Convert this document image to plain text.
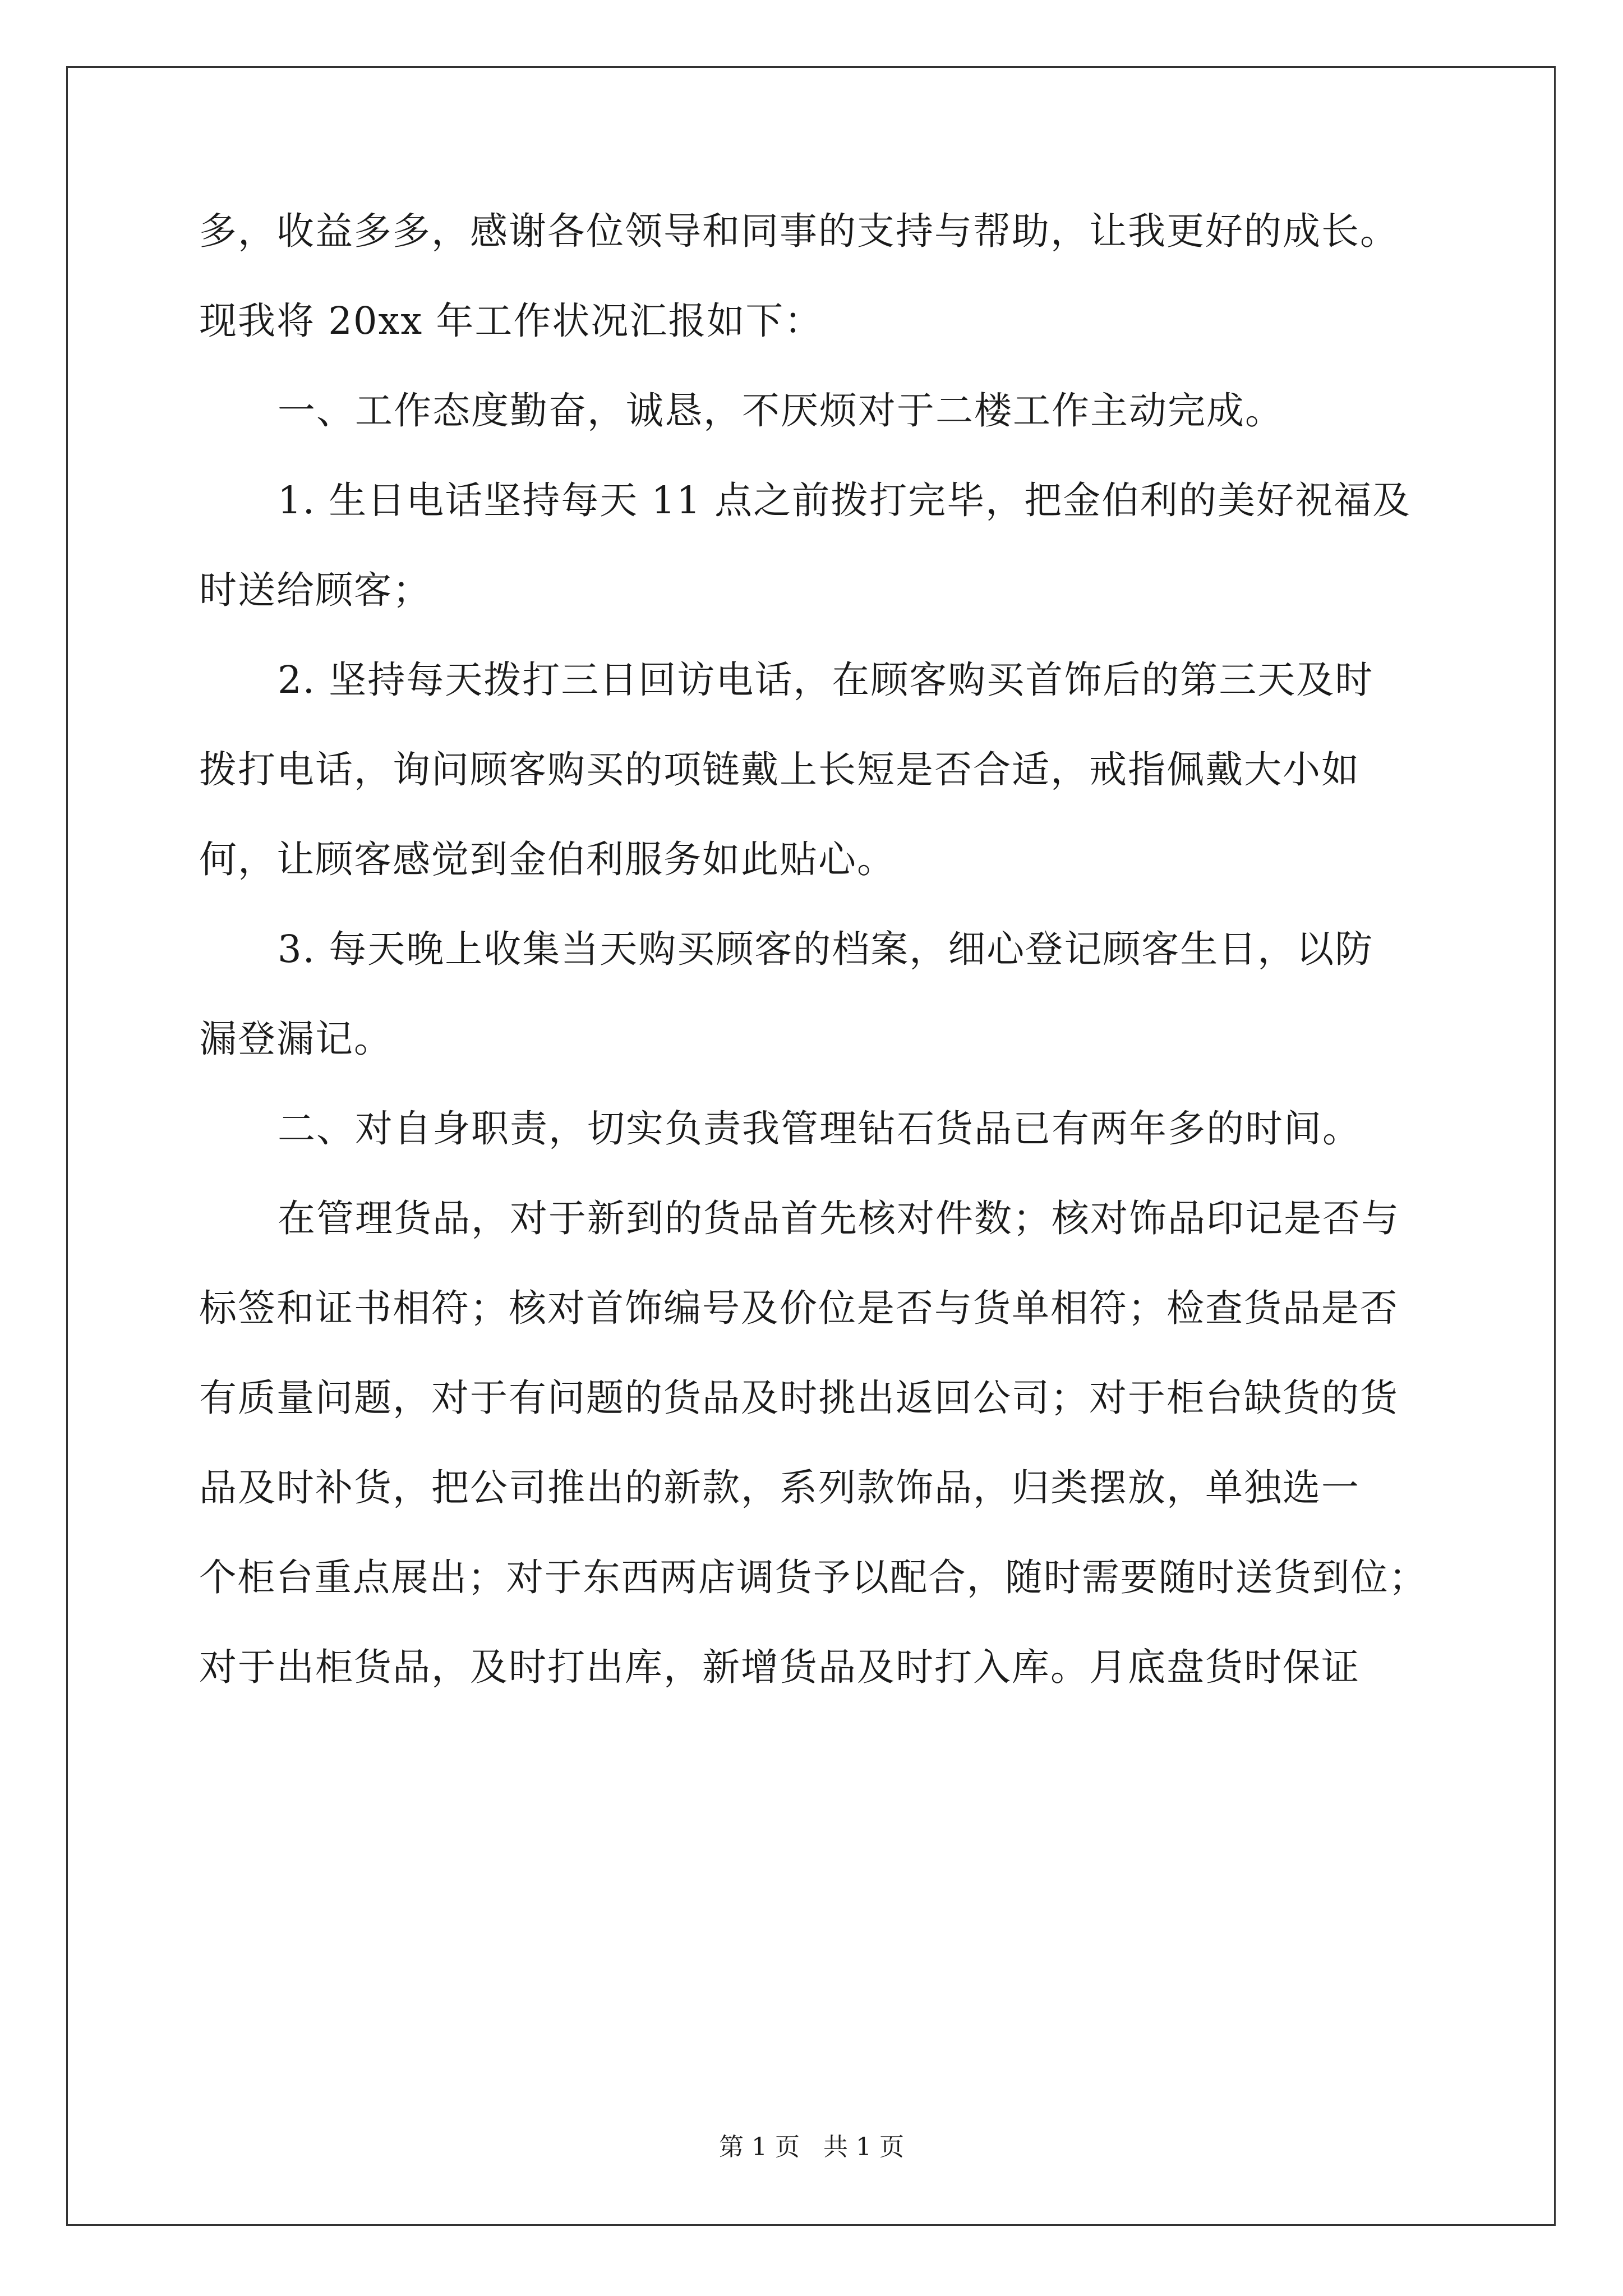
多，收益多多，感谢各位领导和同事的支持与帮助，让我更好的成长。
现我将 20xx 年工作状况汇报如下：
一、工作态度勤奋，诚恳，不厌烦对于二楼工作主动完成。
1. 生日电话坚持每天 11 点之前拨打完毕，把金伯利的美好祝福及
时送给顾客；
2. 坚持每天拨打三日回访电话，在顾客购买首饰后的第三天及时
拨打电话，询问顾客购买的项链戴上长短是否合适，戒指佩戴大小如
何，让顾客感觉到金伯利服务如此贴心。
3. 每天晚上收集当天购买顾客的档案，细心登记顾客生日，以防
漏登漏记。
二、对自身职责，切实负责我管理钻石货品已有两年多的时间。
在管理货品，对于新到的货品首先核对件数；核对饰品印记是否与
标签和证书相符；核对首饰编号及价位是否与货单相符；检查货品是否
有质量问题，对于有问题的货品及时挑出返回公司；对于柜台缺货的货
品及时补货，把公司推出的新款，系列款饰品，归类摆放，单独选一
个柜台重点展出；对于东西两店调货予以配合，随时需要随时送货到位；
对于出柜货品，及时打出库，新增货品及时打入库。月底盘货时保证
第 1 页   共 1 页
